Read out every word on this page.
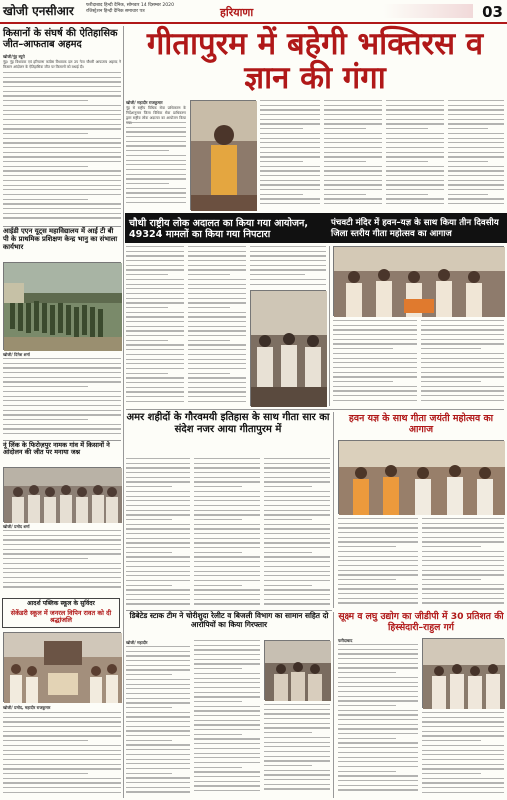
खोजी एनसीआर	फरीदाबाद हिन्दी दैनिक, सोमवार 14 दिसम्बर 2020
रजिस्ट्रेशन हिन्दी दैनिक समाचार पत्र	हरियाणा	03
किसानों के संघर्ष की ऐतिहासिक जीत–आफताब अहमद
खोजी/नूंह ब्यूरो
नूंह। नूंह विधायक एवं हरियाणा कांग्रेस विधायक दल उप नेता चौधरी आफताब अहमद ने किसान आंदोलन के ऐतिहासिक जीत पर किसानों को बधाई दी।
आईडी एएन यूट्स महाविद्यालय में आई टी बी पी के प्राथमिक प्रशिक्षण केन्द्र भानु का संभाला कार्यभार
खोजी/ दिनेश शर्मा
नूं लिंक के फिरोज़पुर नामक गांव में किसानों ने आंदोलन की जीत पर मनाया जश्न
खोजी/ प्रमोद शर्मा
आदर्श पब्लिक स्कूल के सुविंदर
सेकेंडरी स्कूल में जनरल विपिन रावत को दी श्रद्धांजलि
खोजी/ प्रमोद, महादीर राजकुमार
गीतापुरम में बहेगी भक्तिरस व ज्ञान की गंगा
चौथी राष्ट्रीय लोक अदालत का किया गया आयोजन, 49324 मामलों का किया गया निपटारा
पंचवटी मंदिर में हवन–यज्ञ के साथ किया तीन दिवसीय जिला स्तरीय गीता महोत्सव का आगाज
खोजी/ महादीर राजकुमार
नूंह से राष्ट्रीय विधिक सेवा प्राधिकरण के निर्देशानुसार जिला विधिक सेवा प्राधिकरण द्वारा राष्ट्रीय लोक अदालत का आयोजन किया
अमर शहीदों के गौरवमयी इतिहास के साथ गीता सार का संदेश नजर आया गीतापुरम में
हवन यज्ञ के साथ गीता जयंती महोत्सव का आगाज
डिबेटेड स्टाक टीम ने चोरीशुदा रेलीट व बिजली विभाग का सामान सहित दो आरोपियों का किया गिरफ्तार
खोजी/ महादीर
सूक्ष्म व लघु उद्योग का जीडीपी में 30 प्रतिशत की हिस्सेदारी–राहुल गर्ग
फरीदाबाद
